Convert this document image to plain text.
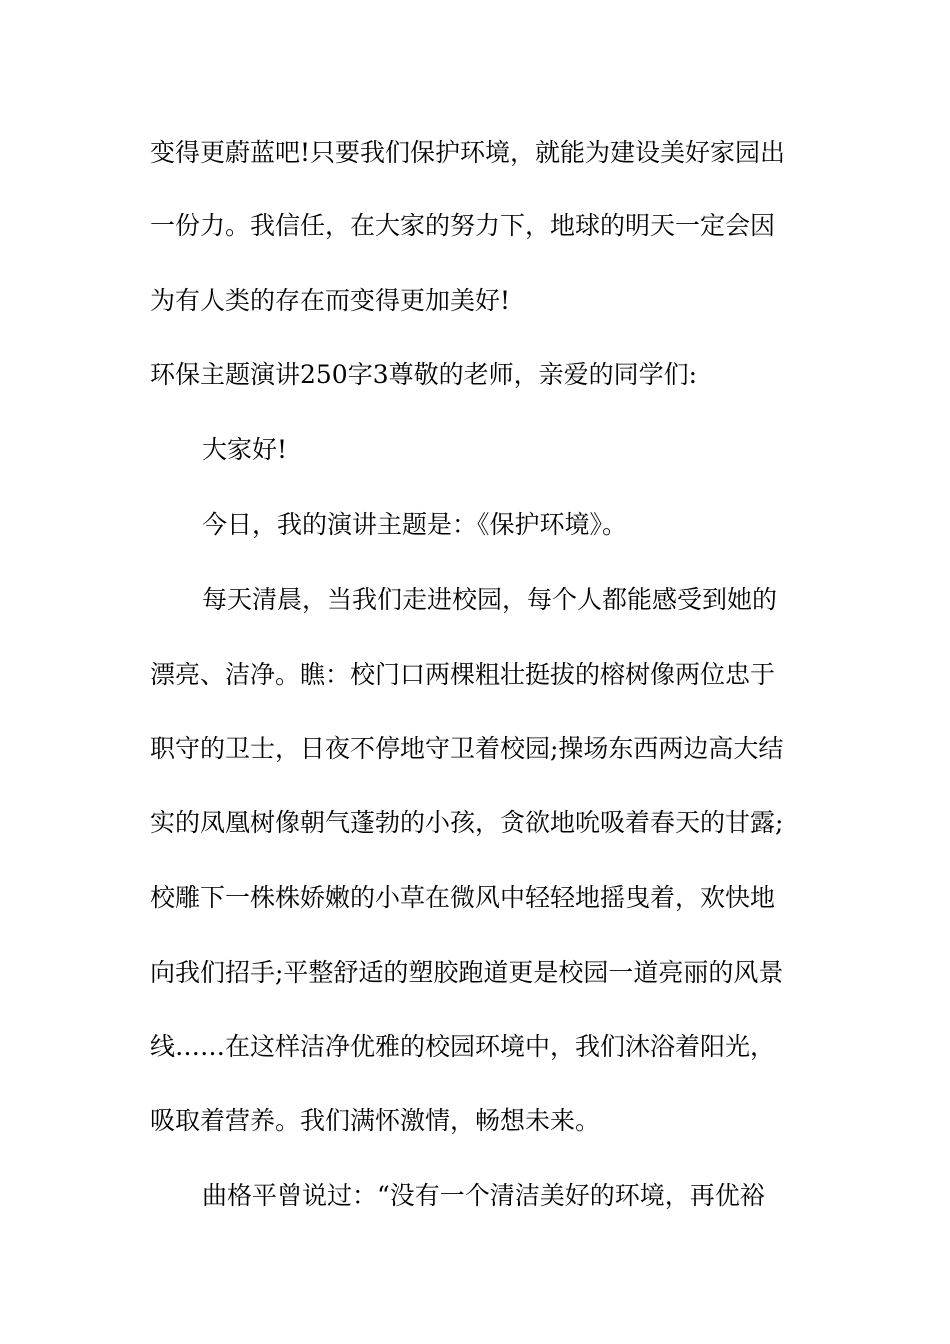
变得更蔚蓝吧!只要我们保护环境，就能为建设美好家园出
一份力。我信任，在大家的努力下，地球的明天一定会因
为有人类的存在而变得更加美好!
环保主题演讲250字3尊敬的老师，亲爱的同学们:
大家好!
今日，我的演讲主题是：《保护环境》。
每天清晨，当我们走进校园，每个人都能感受到她的
漂亮、洁净。瞧：校门口两棵粗壮挺拔的榕树像两位忠于
职守的卫士，日夜不停地守卫着校园;操场东西两边高大结
实的凤凰树像朝气蓬勃的小孩，贪欲地吮吸着春天的甘露;
校雕下一株株娇嫩的小草在微风中轻轻地摇曳着，欢快地
向我们招手;平整舒适的塑胶跑道更是校园一道亮丽的风景
线……在这样洁净优雅的校园环境中，我们沐浴着阳光，
吸取着营养。我们满怀激情，畅想未来。
曲格平曾说过：“没有一个清洁美好的环境，再优裕
